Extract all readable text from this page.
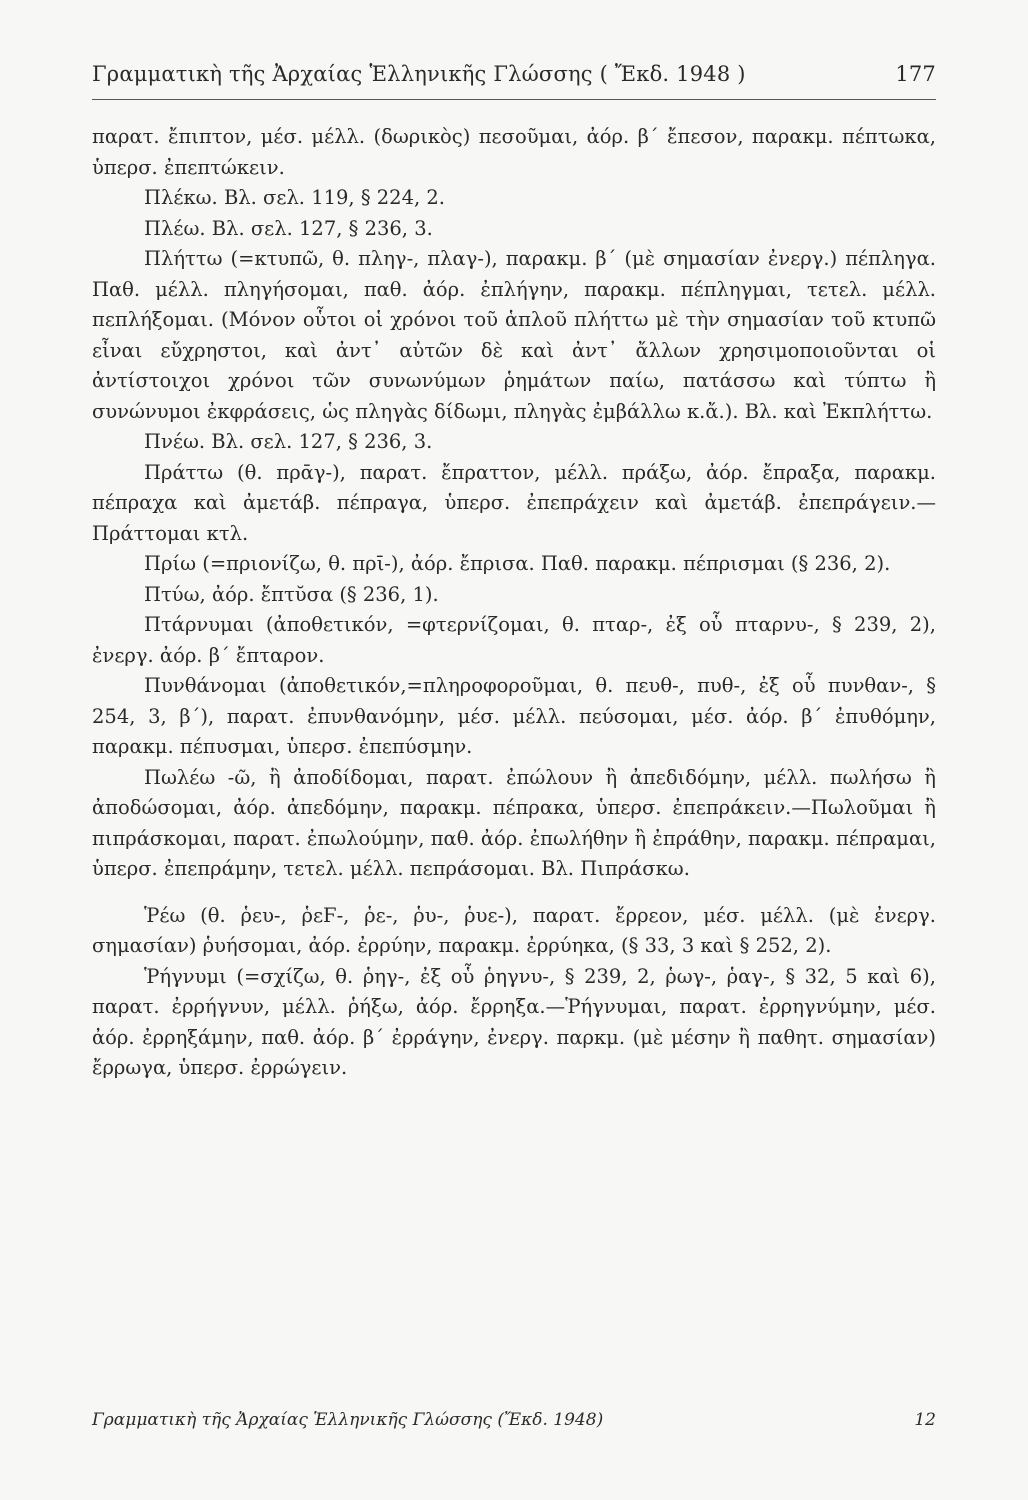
Γραμματικὴ τῆς Ἀρχαίας Ἑλληνικῆς Γλώσσης ( Ἔκδ. 1948 )	177

παρατ. ἔπιπτον, μέσ. μέλλ. (δωρικὸς) πεσοῦμαι, ἀόρ. β΄ ἔπεσον, παρακμ. πέπτωκα, ὑπερσ. ἐπεπτώκειν.

Πλέκω. Βλ. σελ. 119, § 224, 2.

Πλέω. Βλ. σελ. 127, § 236, 3.

Πλήττω (=κτυπῶ, θ. πληγ-, πλαγ-), παρακμ. β΄ (μὲ σημασίαν ἐνεργ.) πέπληγα. Παθ. μέλλ. πληγήσομαι, παθ. ἀόρ. ἐπλήγην, παρακμ. πέπληγμαι, τετελ. μέλλ. πεπλήξομαι. (Μόνον οὗτοι οἱ χρόνοι τοῦ ἁπλοῦ πλήττω μὲ τὴν σημασίαν τοῦ κτυπῶ εἶναι εὔχρηστοι, καὶ ἀντ᾽ αὐτῶν δὲ καὶ ἀντ᾽ ἄλλων χρησιμοποιοῦνται οἱ ἀντίστοιχοι χρόνοι τῶν συνωνύμων ῥημάτων παίω, πατάσσω καὶ τύπτω ἢ συνώνυμοι ἐκφράσεις, ὡς πληγὰς δίδωμι, πληγὰς ἐμβάλλω κ.ἄ.). Βλ. καὶ Ἐκπλήττω.

Πνέω. Βλ. σελ. 127, § 236, 3.

Πράττω (θ. πρᾱγ-), παρατ. ἔπραττον, μέλλ. πράξω, ἀόρ. ἔπραξα, παρακμ. πέπραχα καὶ ἀμετάβ. πέπραγα, ὑπερσ. ἐπεπράχειν καὶ ἀμετάβ. ἐπεπράγειν.—Πράττομαι κτλ.

Πρίω (=πριονίζω, θ. πρῑ-), ἀόρ. ἔπρισα. Παθ. παρακμ. πέπρισμαι (§ 236, 2).

Πτύω, ἀόρ. ἔπτῠσα (§ 236, 1).

Πτάρνυμαι (ἀποθετικόν, =φτερνίζομαι, θ. πταρ-, ἐξ οὗ πταρνυ-, § 239, 2), ἐνεργ. ἀόρ. β΄ ἔπταρον.

Πυνθάνομαι (ἀποθετικόν,=πληροφοροῦμαι, θ. πευθ-, πυθ-, ἐξ οὗ πυνθαν-, § 254, 3, β΄), παρατ. ἐπυνθανόμην, μέσ. μέλλ. πεύσομαι, μέσ. ἀόρ. β΄ ἐπυθόμην, παρακμ. πέπυσμαι, ὑπερσ. ἐπεπύσμην.

Πωλέω -ῶ, ἢ ἀποδίδομαι, παρατ. ἐπώλουν ἢ ἀπεδιδόμην, μέλλ. πωλήσω ἢ ἀποδώσομαι, ἀόρ. ἀπεδόμην, παρακμ. πέπρακα, ὑπερσ. ἐπεπράκειν.—Πωλοῦμαι ἢ πιπράσκομαι, παρατ. ἐπωλούμην, παθ. ἀόρ. ἐπωλήθην ἢ ἐπράθην, παρακμ. πέπραμαι, ὑπερσ. ἐπεπράμην, τετελ. μέλλ. πεπράσομαι. Βλ. Πιπράσκω.

Ῥέω (θ. ῥευ-, ῥεϜ-, ῥε-, ῥυ-, ῥυε-), παρατ. ἔρρεον, μέσ. μέλλ. (μὲ ἐνεργ. σημασίαν) ῥυήσομαι, ἀόρ. ἐρρύην, παρακμ. ἐρρύηκα, (§ 33, 3 καὶ § 252, 2).

Ῥήγνυμι (=σχίζω, θ. ῥηγ-, ἐξ οὗ ῥηγνυ-, § 239, 2, ῥωγ-, ῥαγ-, § 32, 5 καὶ 6), παρατ. ἐρρήγνυν, μέλλ. ῥήξω, ἀόρ. ἔρρηξα.—Ῥήγνυμαι, παρατ. ἐρρηγνύμην, μέσ. ἀόρ. ἐρρηξάμην, παθ. ἀόρ. β΄ ἐρράγην, ἐνεργ. παρκμ. (μὲ μέσην ἢ παθητ. σημασίαν) ἔρρωγα, ὑπερσ. ἐρρώγειν.

Γραμματικὴ τῆς Ἀρχαίας Ἑλληνικῆς Γλώσσης (Ἔκδ. 1948)	12
